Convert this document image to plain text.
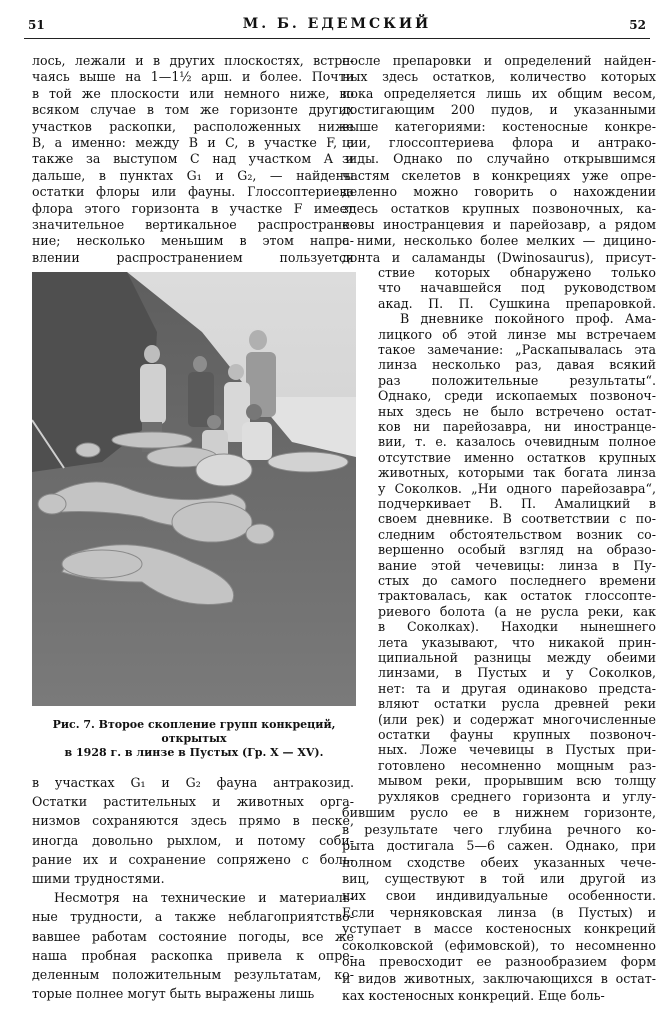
51	М. Б. ЕДЕМСКИЙ	52
лось, лежали и в других плоскостях, встре-
чаясь выше на 1—1½ арш. и более. Почти
в той же плоскости или немного ниже, во
всяком случае в том же горизонте других
участков раскопки, расположенных ниже
B, а именно: между B и C, в участке F, а
также за выступом C над участком A и
дальше, в пунктах G₁ и G₂, — найдены
остатки флоры или фауны. Глоссоптериева
флора этого горизонта в участке F имеет
значительное вертикальное распростране-
ние; несколько меньшим в этом напра-
влении распространением пользуется
в участках G₁ и G₂ фауна антракозид.
Остатки растительных и животных орга-
низмов сохраняются здесь прямо в песке,
иногда довольно рыхлом, и потому соби-
рание их и сохранение сопряжено с боль-
шими трудностями.
Несмотря на технические и материаль-
ные трудности, а также неблагоприятство-
вавшее работам состояние погоды, все же
наша пробная раскопка привела к опре-
деленным положительным результатам, ко-
торые полнее могут быть выражены лишь
Рис. 7. Второе скопление групп конкреций, открытых
в 1928 г. в линзе в Пустых (Гр. X — XV).
после препаровки и определений найден-
ных здесь остатков, количество которых
пока определяется лишь их общим весом,
достигающим 200 пудов, и указанными
выше категориями: костеносные конкре-
ции, глоссоптериева флора и антрако-
зиды. Однако по случайно открывшимся
частям скелетов в конкрециях уже опре-
деленно можно говорить о нахождении
здесь остатков крупных позвоночных, ка-
ковы иностранцевия и парейозавр, а рядом
с ними, несколько более мелких — дицино-
донта и саламанды (Dwinosaurus), присут-
ствие которых обнаружено только
что начавшейся под руководством
акад. П. П. Сушкина препаровкой.
В дневнике покойного проф. Ама-
лицкого об этой линзе мы встречаем
такое замечание: „Раскапывалась эта
линза несколько раз, давая всякий
раз положительные результаты“.
Однако, среди ископаемых позвоноч-
ных здесь не было встречено остат-
ков ни парейозавра, ни иностранце-
вии, т. е. казалось очевидным полное
отсутствие именно остатков крупных
животных, которыми так богата линза
у Соколков. „Ни одного парейозавра“,
подчеркивает В. П. Амалицкий в
своем дневнике. В соответствии с по-
следним обстоятельством возник со-
вершенно особый взгляд на образо-
вание этой чечевицы: линза в Пу-
стых до самого последнего времени
трактовалась, как остаток глоссопте-
риевого болота (а не русла реки, как
в Соколках). Находки нынешнего
лета указывают, что никакой прин-
ципиальной разницы между обеими
линзами, в Пустых и у Соколков,
нет: та и другая одинаково предста-
вляют остатки русла древней реки
(или рек) и содержат многочисленные
остатки фауны крупных позвоноч-
ных. Ложе чечевицы в Пустых при-
готовлено несомненно мощным раз-
мывом реки, прорывшим всю толщу
рухляков среднего горизонта и углу-
бившим русло ее в нижнем горизонте,
в результате чего глубина речного ко-
рыта достигала 5—6 сажен. Однако, при
полном сходстве обеих указанных чече-
виц, существуют в той или другой из
них свои индивидуальные особенности.
Если черняковская линза (в Пустых) и
уступает в массе костеносных конкреций
соколковской (ефимовской), то несомненно
она превосходит ее разнообразием форм
и видов животных, заключающихся в остат-
ках костеносных конкреций. Еще боль-
